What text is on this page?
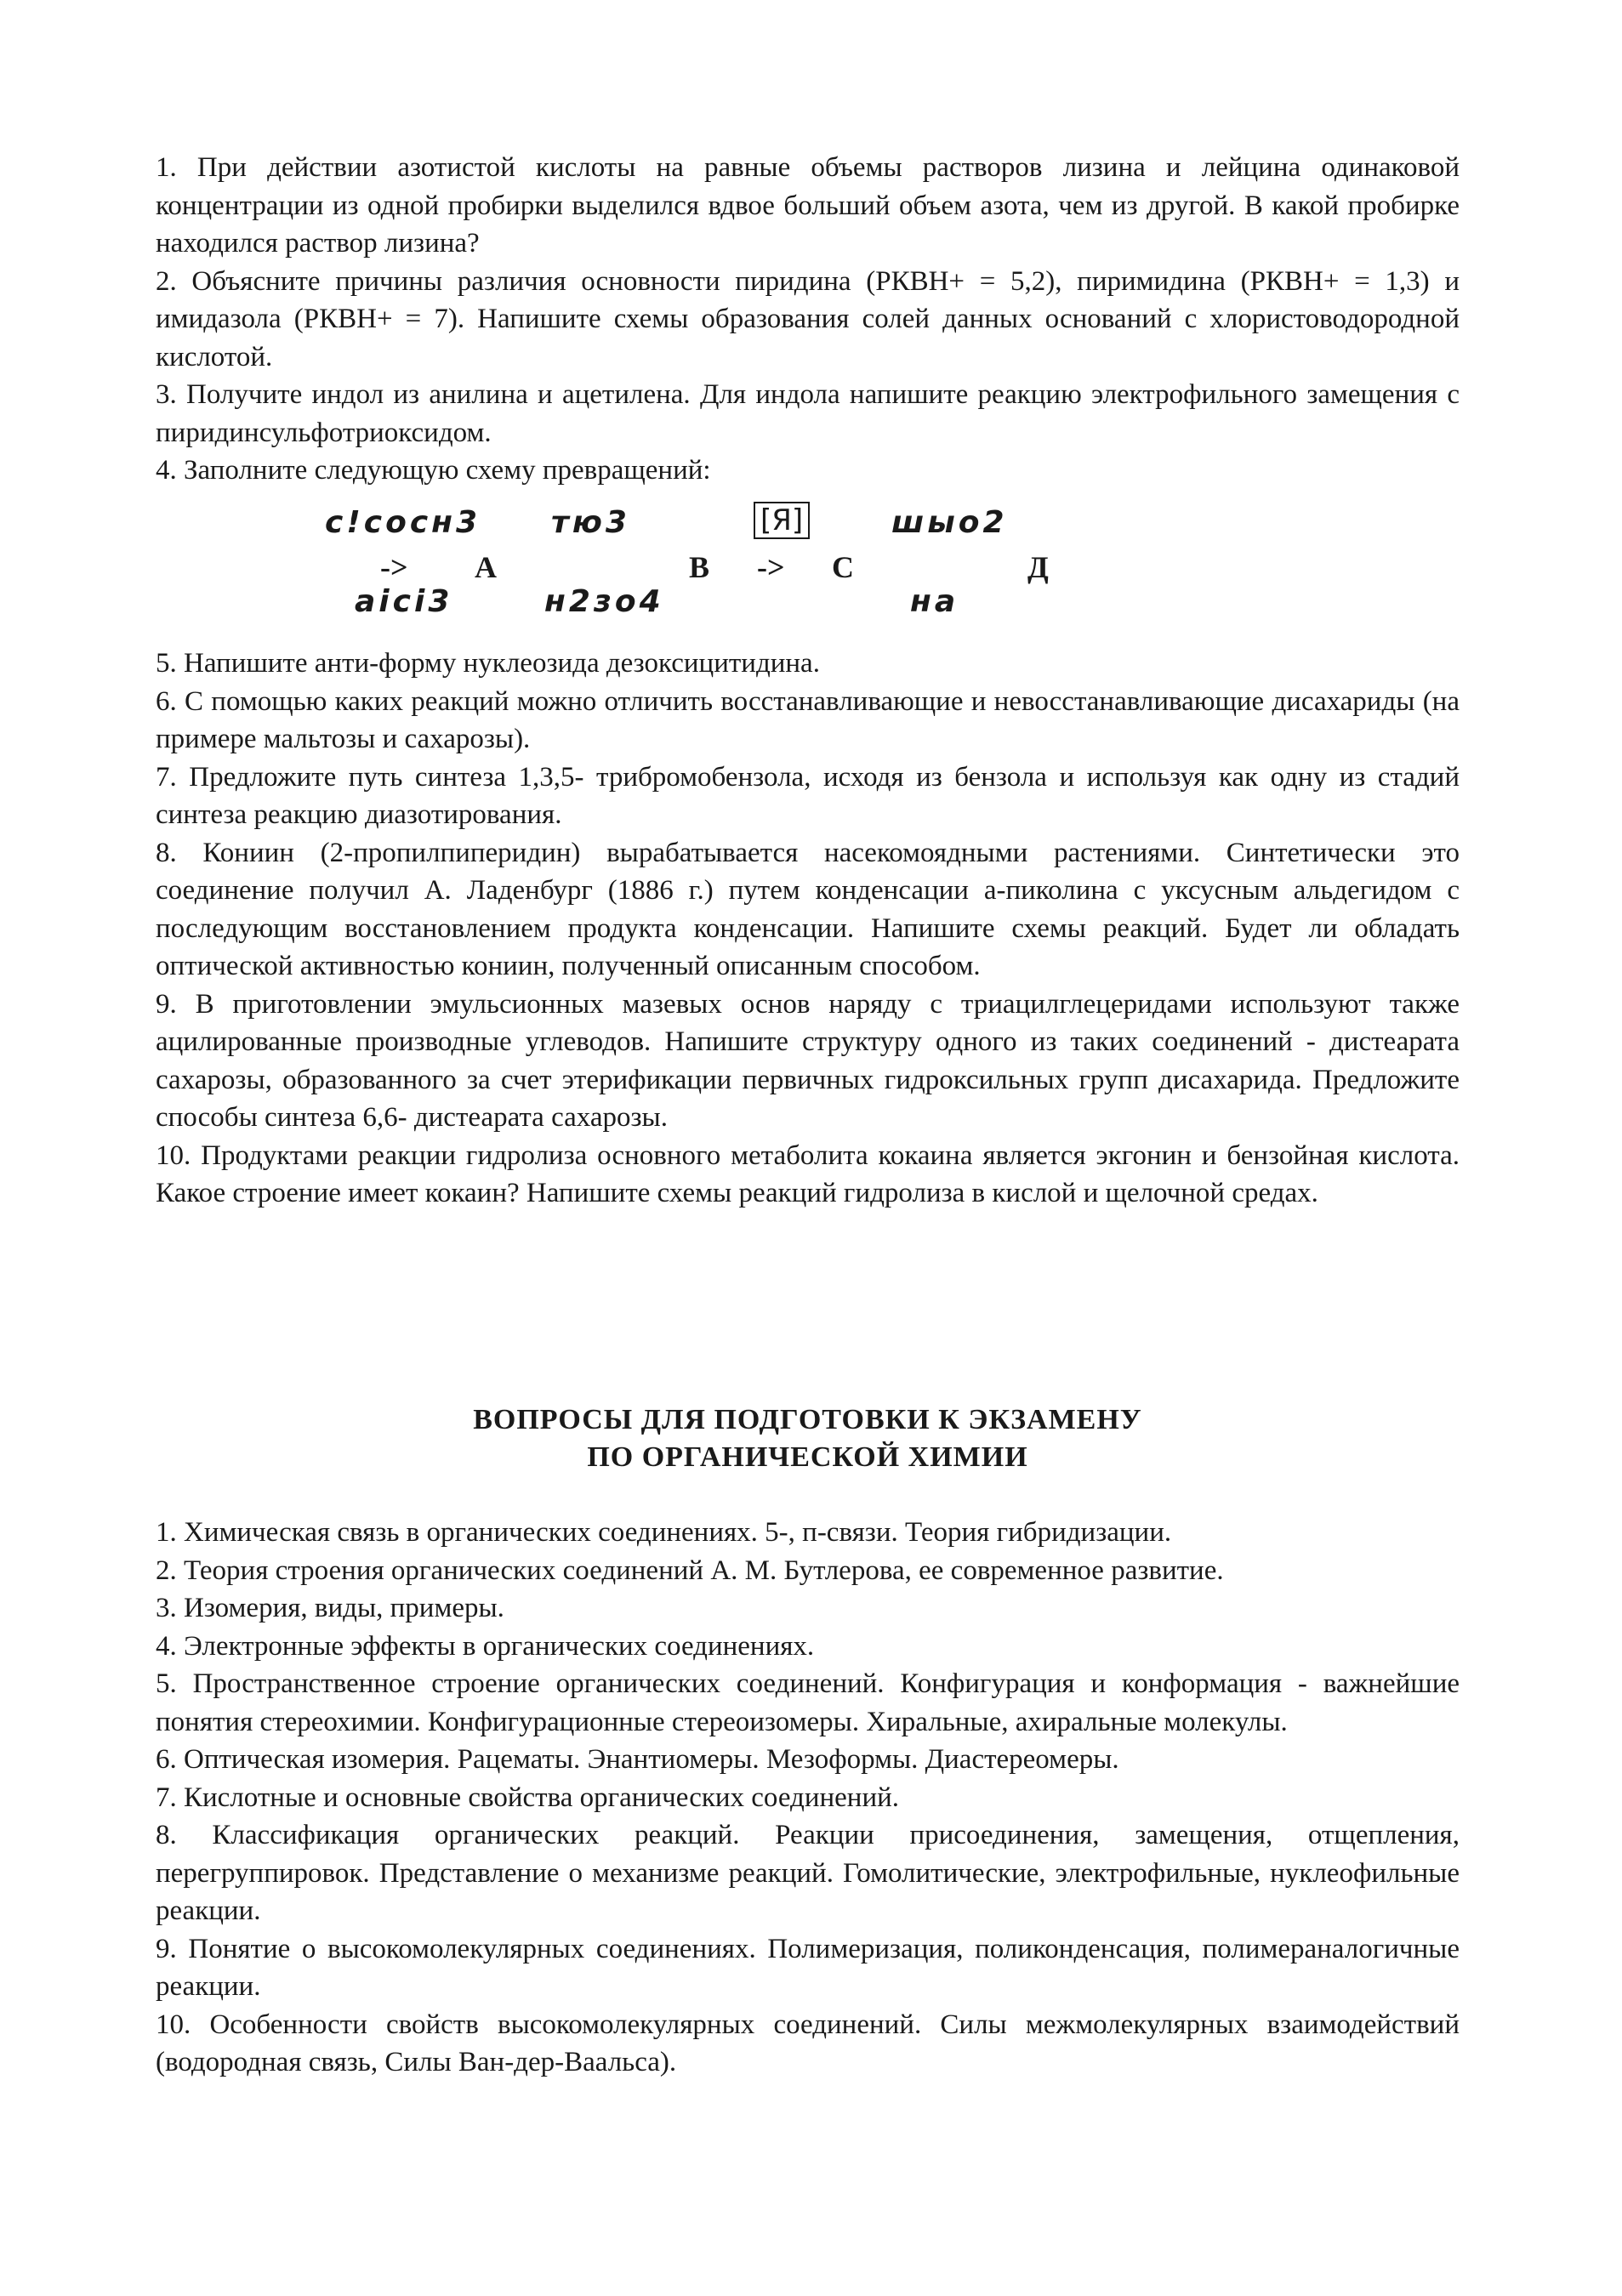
1. При действии азотистой кислоты на равные объемы растворов лизина и лейцина одинаковой концентрации из одной пробирки выделился вдвое больший объем азота, чем из другой. В какой пробирке находился раствор лизина?

2. Объясните причины различия основности пиридина (РКВН+ = 5,2), пиримидина (РКВН+ = 1,3) и имидазола (РКВН+ = 7). Напишите схемы образования солей данных оснований с хлористоводородной кислотой.

3. Получите индол из анилина и ацетилена. Для индола напишите реакцию электрофильного замещения с пиридинсульфотриоксидом.

4. Заполните следующую схему превращений:

с!сосн3 тю3	[Я]	шыо2
-> А	В -> С	Д
аіcі3	н2зо4	на

5. Напишите анти-форму нуклеозида дезоксицитидина.

6. С помощью каких реакций можно отличить восстанавливающие и невосстанавливающие дисахариды (на примере мальтозы и сахарозы).

7. Предложите путь синтеза 1,3,5- трибромобензола, исходя из бензола и используя как одну из стадий синтеза реакцию диазотирования.

8. Кониин (2-пропилпиперидин) вырабатывается насекомоядными растениями. Синтетически это соединение получил А. Ладенбург (1886 г.) путем конденсации а-пиколина с уксусным альдегидом с последующим восстановлением продукта конденсации. Напишите схемы реакций. Будет ли обладать оптической активностью кониин, полученный описанным способом.

9. В приготовлении эмульсионных мазевых основ наряду с триацилглецеридами используют также ацилированные производные углеводов. Напишите структуру одного из таких соединений - дистеарата сахарозы, образованного за счет этерификации первичных гидроксильных групп дисахарида. Предложите способы синтеза 6,6- дистеарата сахарозы.

10. Продуктами реакции гидролиза основного метаболита кокаина является экгонин и бензойная кислота. Какое строение имеет кокаин? Напишите схемы реакций гидролиза в кислой и щелочной средах.

ВОПРОСЫ ДЛЯ ПОДГОТОВКИ К ЭКЗАМЕНУ
ПО ОРГАНИЧЕСКОЙ ХИМИИ

1. Химическая связь в органических соединениях. 5-, п-связи. Теория гибридизации.

2. Теория строения органических соединений А. М. Бутлерова, ее современное развитие.

3. Изомерия, виды, примеры.

4. Электронные эффекты в органических соединениях.

5. Пространственное строение органических соединений. Конфигурация и конформация - важнейшие понятия стереохимии. Конфигурационные стереоизомеры. Хиральные, ахиральные молекулы.

6. Оптическая изомерия. Рацематы. Энантиомеры. Мезоформы. Диастереомеры.

7. Кислотные и основные свойства органических соединений.

8. Классификация органических реакций. Реакции присоединения, замещения, отщепления, перегруппировок. Представление о механизме реакций. Гомолитические, электрофильные, нуклеофильные реакции.

9. Понятие о высокомолекулярных соединениях. Полимеризация, поликонденсация, полимераналогичные реакции.

10. Особенности свойств высокомолекулярных соединений. Силы межмолекулярных взаимодействий (водородная связь, Силы Ван-дер-Ваальса).
